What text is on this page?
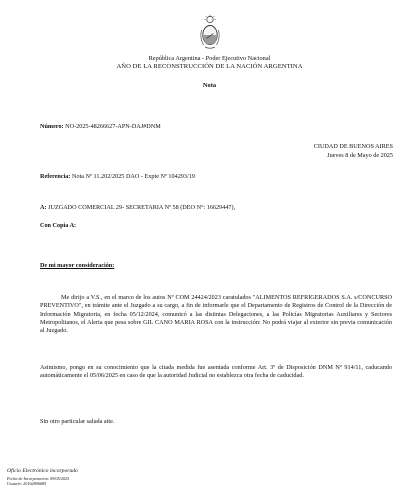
República Argentina - Poder Ejecutivo Nacional
AÑO DE LA RECONSTRUCCIÓN DE LA NACIÓN ARGENTINA
Nota
Número: NO-2025-48266627-APN-DAJ#DNM
CIUDAD DE BUENOS AIRES
Jueves 8 de Mayo de 2025
Referencia: Nota Nº 11.202/2025 DAO - Expte Nº 104293/19
A: JUZGADO COMERCIAL 29- SECRETARIA Nº 58 (DEO N°: 16629447),
Con Copia A:
De mi mayor consideración:
Me dirijo a V.S., en el marco de los autos Nº COM 24424/2023 caratulados "ALIMENTOS REFRIGERADOS S.A. s/CONCURSO PREVENTIVO", en trámite ante el Juzgado a su cargo, a fin de informarle que el Departamento de Registros de Control de la Dirección de Información Migratoria, en fecha 05/12/2024, comunicó a las distintas Delegaciones, a las Policías Migratorias Auxiliares y Sectores Metropolitanos, el Alerta que pesa sobre GIL CANO MARIA ROSA con la instrucción: No podrá viajar al exterior sin previa comunicación al Juzgado.
Asimismo, pongo en su conocimiento que la citada medida fue asentada conforme Art. 3º de Disposición DNM Nº 914/11, caducando automáticamente el 05/06/2025 en caso de que la autoridad Judicial no establezca otra fecha de caducidad.
Sin otro particular saluda atte.
Oficio Electrónico incorporado
Fecha de Incorporacion: 09/05/2025
Usuario: 20162806685
